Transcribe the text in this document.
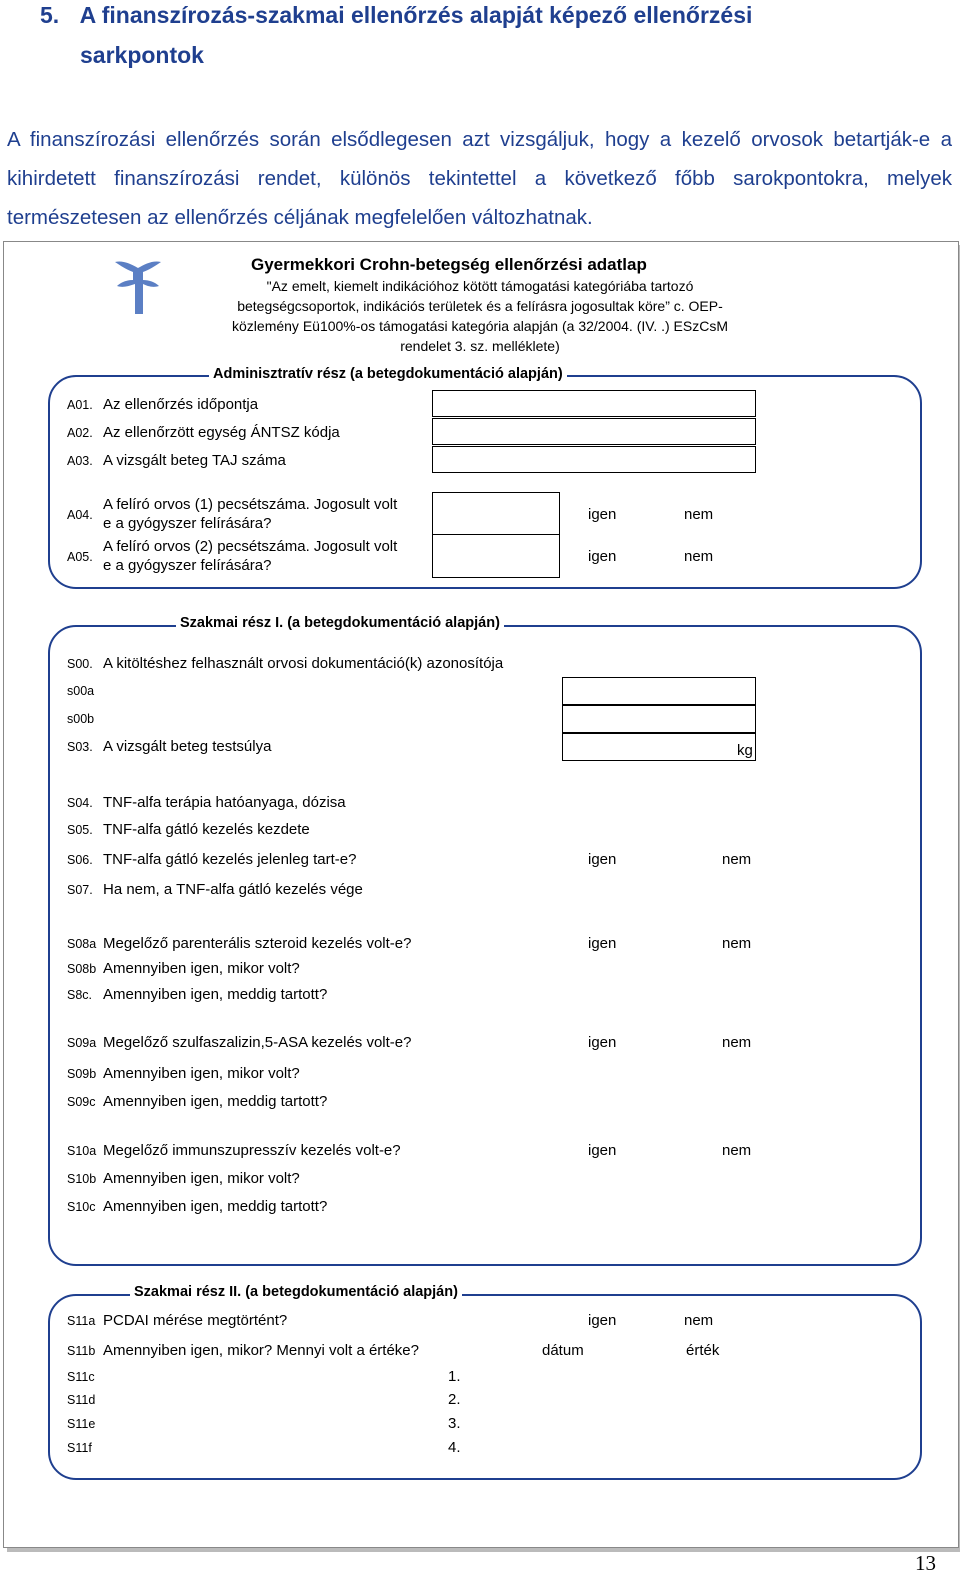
5. A finanszírozás-szakmai ellenőrzés alapját képező ellenőrzési
sarkpontok
A finanszírozási ellenőrzés során elsődlegesen azt vizsgáljuk, hogy a kezelő orvosok betartják-e a kihirdetett finanszírozási rendet, különös tekintettel a következő főbb sarokpontokra, melyek természetesen az ellenőrzés céljának megfelelően változhatnak.
Gyermekkori Crohn-betegség ellenőrzési adatlap
"Az emelt, kiemelt indikációhoz kötött támogatási kategóriába tartozó
betegségcsoportok, indikációs területek és a felírásra jogosultak köre” c. OEP-
közlemény Eü100%-os támogatási kategória alapján (a 32/2004. (IV. .) ESzCsM
rendelet 3. sz. melléklete)
Adminisztratív rész (a betegdokumentáció alapján)
A01. Az ellenőrzés időpontja
A02. Az ellenőrzött egység ÁNTSZ kódja
A03. A vizsgált beteg TAJ száma
A04.
A felíró orvos (1) pecsétszáma. Jogosult volt
e a gyógyszer felírására?
igen	nem
A05.
A felíró orvos (2) pecsétszáma. Jogosult volt
e a gyógyszer felírására?
igen	nem
Szakmai rész I. (a betegdokumentáció alapján)
S00. A kitöltéshez felhasznált orvosi dokumentáció(k) azonosítója
s00a
s00b
S03. A vizsgált beteg testsúlya	kg
S04. TNF-alfa terápia hatóanyaga, dózisa
S05. TNF-alfa gátló kezelés kezdete
S06. TNF-alfa gátló kezelés jelenleg tart-e?	igen	nem
S07. Ha nem, a TNF-alfa gátló kezelés vége
S08a Megelőző parenterális szteroid kezelés volt-e?	igen	nem
S08b Amennyiben igen, mikor volt?
S8c. Amennyiben igen, meddig tartott?
S09a Megelőző szulfaszalizin,5-ASA kezelés volt-e?	igen	nem
S09b Amennyiben igen, mikor volt?
S09c Amennyiben igen, meddig tartott?
S10a Megelőző immunszupresszív kezelés volt-e?	igen	nem
S10b Amennyiben igen, mikor volt?
S10c Amennyiben igen, meddig tartott?
Szakmai rész II. (a betegdokumentáció alapján)
S11a PCDAI mérése megtörtént?	igen	nem
S11b Amennyiben igen, mikor? Mennyi volt a értéke?	dátum	érték
S11c	1.
S11d	2.
S11e	3.
S11f	4.
13
